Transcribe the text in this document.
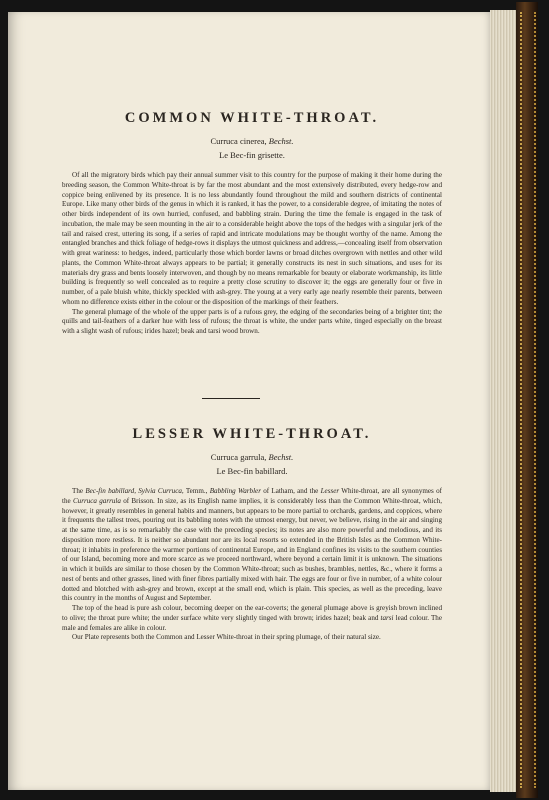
COMMON WHITE-THROAT.

Curruca cinerea, Bechst.

Le Bec-fin grisette.

Of all the migratory birds which pay their annual summer visit to this country for the purpose of making it their home during the breeding season, the Common White-throat is by far the most abundant and the most extensively distributed, every hedge-row and coppice being enlivened by its presence. It is no less abundantly found throughout the mild and southern districts of continental Europe. Like many other birds of the genus in which it is ranked, it has the power, to a considerable degree, of imitating the notes of other birds independent of its own hurried, confused, and babbling strain. During the time the female is engaged in the task of incubation, the male may be seen mounting in the air to a considerable height above the tops of the hedges with a singular jerk of the tail and raised crest, uttering its song, if a series of rapid and intricate modulations may be thought worthy of the name. Among the entangled branches and thick foliage of hedge-rows it displays the utmost quickness and address,—concealing itself from observation with great wariness: to hedges, indeed, particularly those which border lawns or broad ditches overgrown with nettles and other wild plants, the Common White-throat always appears to be partial; it generally constructs its nest in such situations, and uses for its materials dry grass and bents loosely interwoven, and though by no means remarkable for beauty or elaborate workmanship, its little building is frequently so well concealed as to require a pretty close scrutiny to discover it; the eggs are generally four or five in number, of a pale bluish white, thickly speckled with ash-grey. The young at a very early age nearly resemble their parents, between whom no difference exists either in the colour or the disposition of the markings of their feathers.

The general plumage of the whole of the upper parts is of a rufous grey, the edging of the secondaries being of a brighter tint; the quills and tail-feathers of a darker hue with less of rufous; the throat is white, the under parts white, tinged especially on the breast with a slight wash of rufous; irides hazel; beak and tarsi wood brown.

LESSER WHITE-THROAT.

Curruca garrula, Bechst.

Le Bec-fin babillard.

The Bec-fin babillard, Sylvia Curruca, Temm., Babbling Warbler of Latham, and the Lesser White-throat, are all synonymes of the Curruca garrula of Brisson. In size, as its English name implies, it is considerably less than the Common White-throat, which, however, it greatly resembles in general habits and manners, but appears to be more partial to orchards, gardens, and coppices, where it frequents the tallest trees, pouring out its babbling notes with the utmost energy, but never, we believe, rising in the air and singing at the same time, as is so remarkably the case with the preceding species; its notes are also more powerful and melodious, and its disposition more restless. It is neither so abundant nor are its local resorts so extended in the British Isles as the Common White-throat; it inhabits in preference the warmer portions of continental Europe, and in England confines its visits to the southern counties of our Island, becoming more and more scarce as we proceed northward, where beyond a certain limit it is unknown. The situations in which it builds are similar to those chosen by the Common White-throat; such as bushes, brambles, nettles, &c., where it forms a nest of bents and other grasses, lined with finer fibres partially mixed with hair. The eggs are four or five in number, of a white colour dotted and blotched with ash-grey and brown, except at the small end, which is plain. This species, as well as the preceding, leave this country in the months of August and September.

The top of the head is pure ash colour, becoming deeper on the ear-coverts; the general plumage above is greyish brown inclined to olive; the throat pure white; the under surface white very slightly tinged with brown; irides hazel; beak and tarsi lead colour. The male and females are alike in colour.

Our Plate represents both the Common and Lesser White-throat in their spring plumage, of their natural size.
